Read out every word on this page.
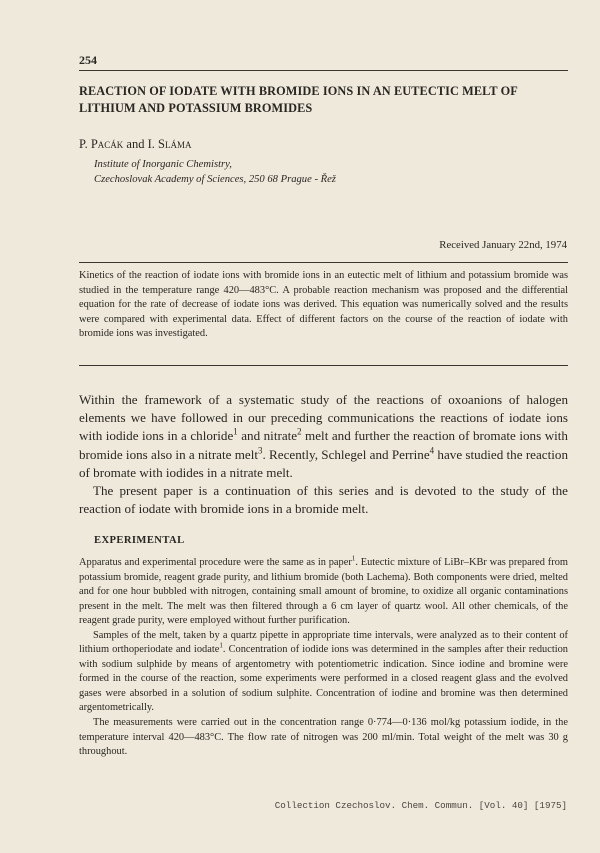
254
REACTION OF IODATE WITH BROMIDE IONS IN AN EUTECTIC MELT OF LITHIUM AND POTASSIUM BROMIDES
P. Pacák and I. Sláma
Institute of Inorganic Chemistry,
Czechoslovak Academy of Sciences, 250 68 Prague - Řež
Received January 22nd, 1974
Kinetics of the reaction of iodate ions with bromide ions in an eutectic melt of lithium and potassium bromide was studied in the temperature range 420—483°C. A probable reaction mechanism was proposed and the differential equation for the rate of decrease of iodate ions was derived. This equation was numerically solved and the results were compared with experimental data. Effect of different factors on the course of the reaction of iodate with bromide ions was investigated.

Within the framework of a systematic study of the reactions of oxoanions of halogen elements we have followed in our preceding communications the reactions of iodate ions with iodide ions in a chloride$^1$ and nitrate$^2$ melt and further the reaction of bromate ions with bromide ions also in a nitrate melt$^3$. Recently, Schlegel and Perrine$^4$ have studied the reaction of bromate with iodides in a nitrate melt.

The present paper is a continuation of this series and is devoted to the study of the reaction of iodate with bromide ions in a bromide melt.

EXPERIMENTAL

Apparatus and experimental procedure were the same as in paper$^1$. Eutectic mixture of LiBr–KBr was prepared from potassium bromide, reagent grade purity, and lithium bromide (both Lachema). Both components were dried, melted and for one hour bubbled with nitrogen, containing small amount of bromine, to oxidize all organic contaminations present in the melt. The melt was then filtered through a 6 cm layer of quartz wool. All other chemicals, of the reagent grade purity, were employed without further purification.

Samples of the melt, taken by a quartz pipette in appropriate time intervals, were analyzed as to their content of lithium orthoperiodate and iodate$^1$. Concentration of iodide ions was determined in the samples after their reduction with sodium sulphide by means of argentometry with potentiometric indication. Since iodine and bromine were formed in the course of the reaction, some experiments were performed in a closed reagent glass and the evolved gases were absorbed in a solution of sodium sulphite. Concentration of iodine and bromine was then determined argentometrically.

The measurements were carried out in the concentration range 0·774—0·136 mol/kg potassium iodide, in the temperature interval 420—483°C. The flow rate of nitrogen was 200 ml/min. Total weight of the melt was 30 g throughout.

Collection Czechoslov. Chem. Commun. [Vol. 40] [1975]
